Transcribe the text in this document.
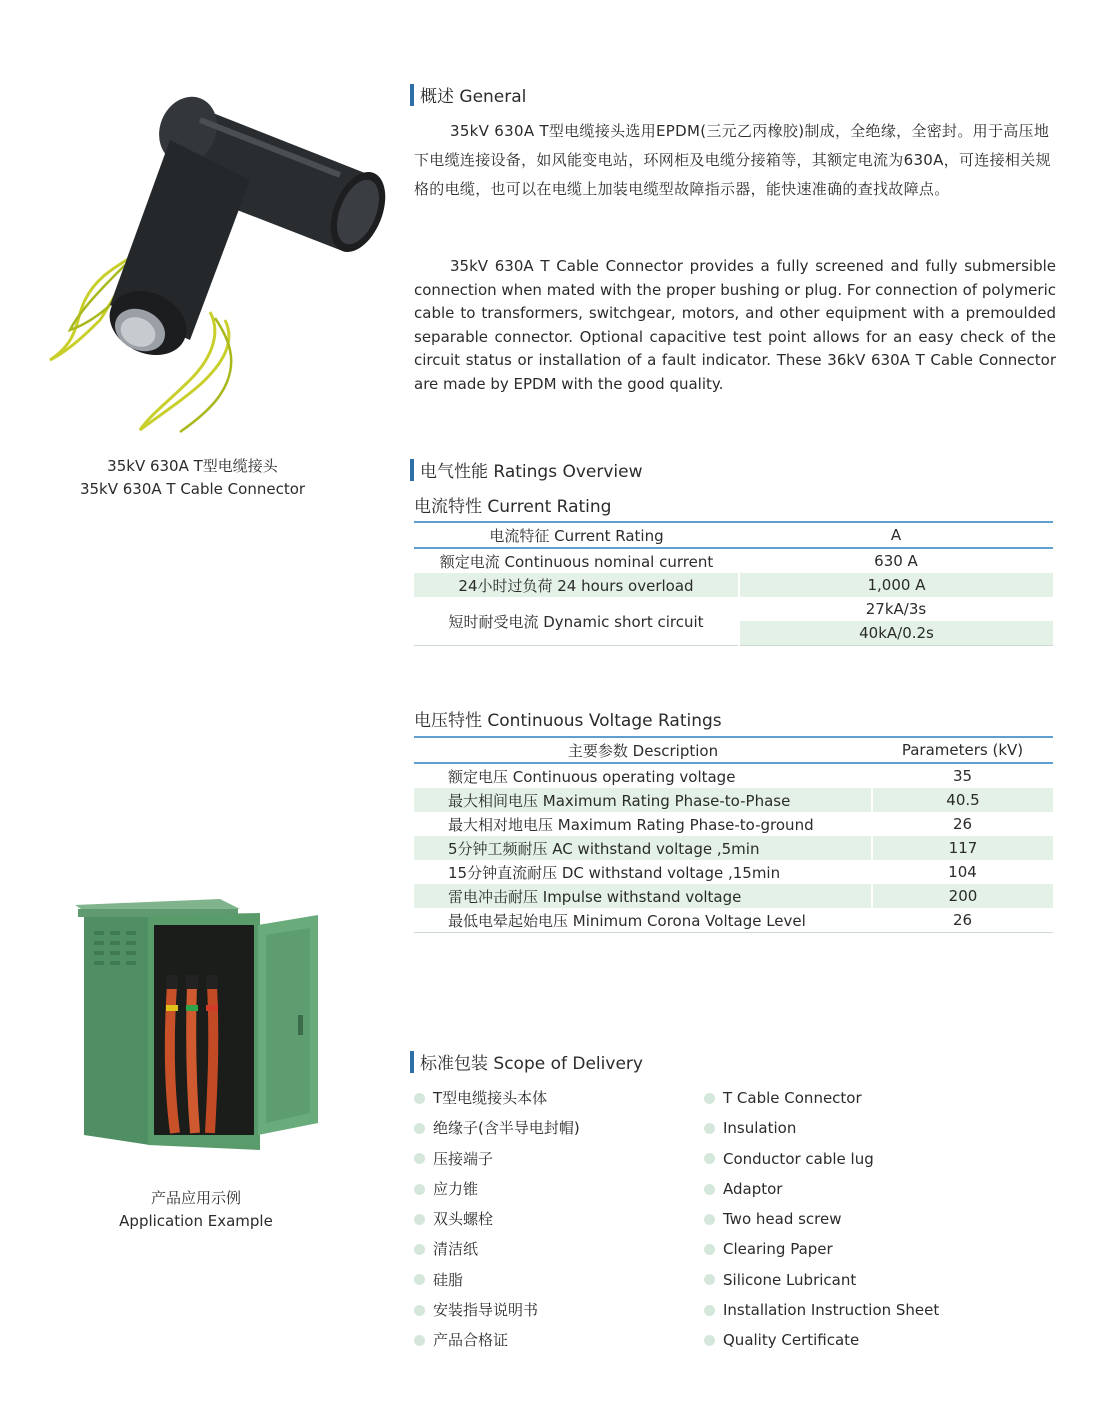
35kV 630A T型电缆接头
35kV 630A T Cable Connector
概述 General
35kV 630A T型电缆接头选用EPDM(三元乙丙橡胶)制成，全绝缘，全密封。用于高压地下电缆连接设备，如风能变电站，环网柜及电缆分接箱等，其额定电流为630A，可连接相关规格的电缆，也可以在电缆上加装电缆型故障指示器，能快速准确的查找故障点。
35kV 630A T Cable Connector provides a fully screened and fully submersible connection when mated with the proper bushing or plug. For connection of polymeric cable to transformers, switchgear, motors, and other equipment with a premoulded separable connector. Optional capacitive test point allows for an easy check of the circuit status or installation of a fault indicator. These 36kV 630A T Cable Connector are made by EPDM with the good quality.
电气性能 Ratings Overview
电流特性 Current Rating
电流特征 Current Rating	A
额定电流 Continuous nominal current	630 A
24小时过负荷 24 hours overload	1,000 A
短时耐受电流 Dynamic short circuit	27kA/3s
	40kA/0.2s
电压特性 Continuous Voltage Ratings
主要参数 Description	Parameters (kV)
额定电压 Continuous operating voltage	35
最大相间电压 Maximum Rating Phase-to-Phase	40.5
最大相对地电压 Maximum Rating Phase-to-ground	26
5分钟工频耐压 AC withstand voltage ,5min	117
15分钟直流耐压 DC withstand voltage ,15min	104
雷电冲击耐压 Impulse withstand voltage	200
最低电晕起始电压 Minimum Corona Voltage Level	26
产品应用示例
Application Example
标准包装 Scope of Delivery
T型电缆接头本体
绝缘子(含半导电封帽)
压接端子
应力锥
双头螺栓
清洁纸
硅脂
安装指导说明书
产品合格证
T Cable Connector
Insulation
Conductor cable lug
Adaptor
Two head screw
Clearing Paper
Silicone Lubricant
Installation Instruction Sheet
Quality Certificate
